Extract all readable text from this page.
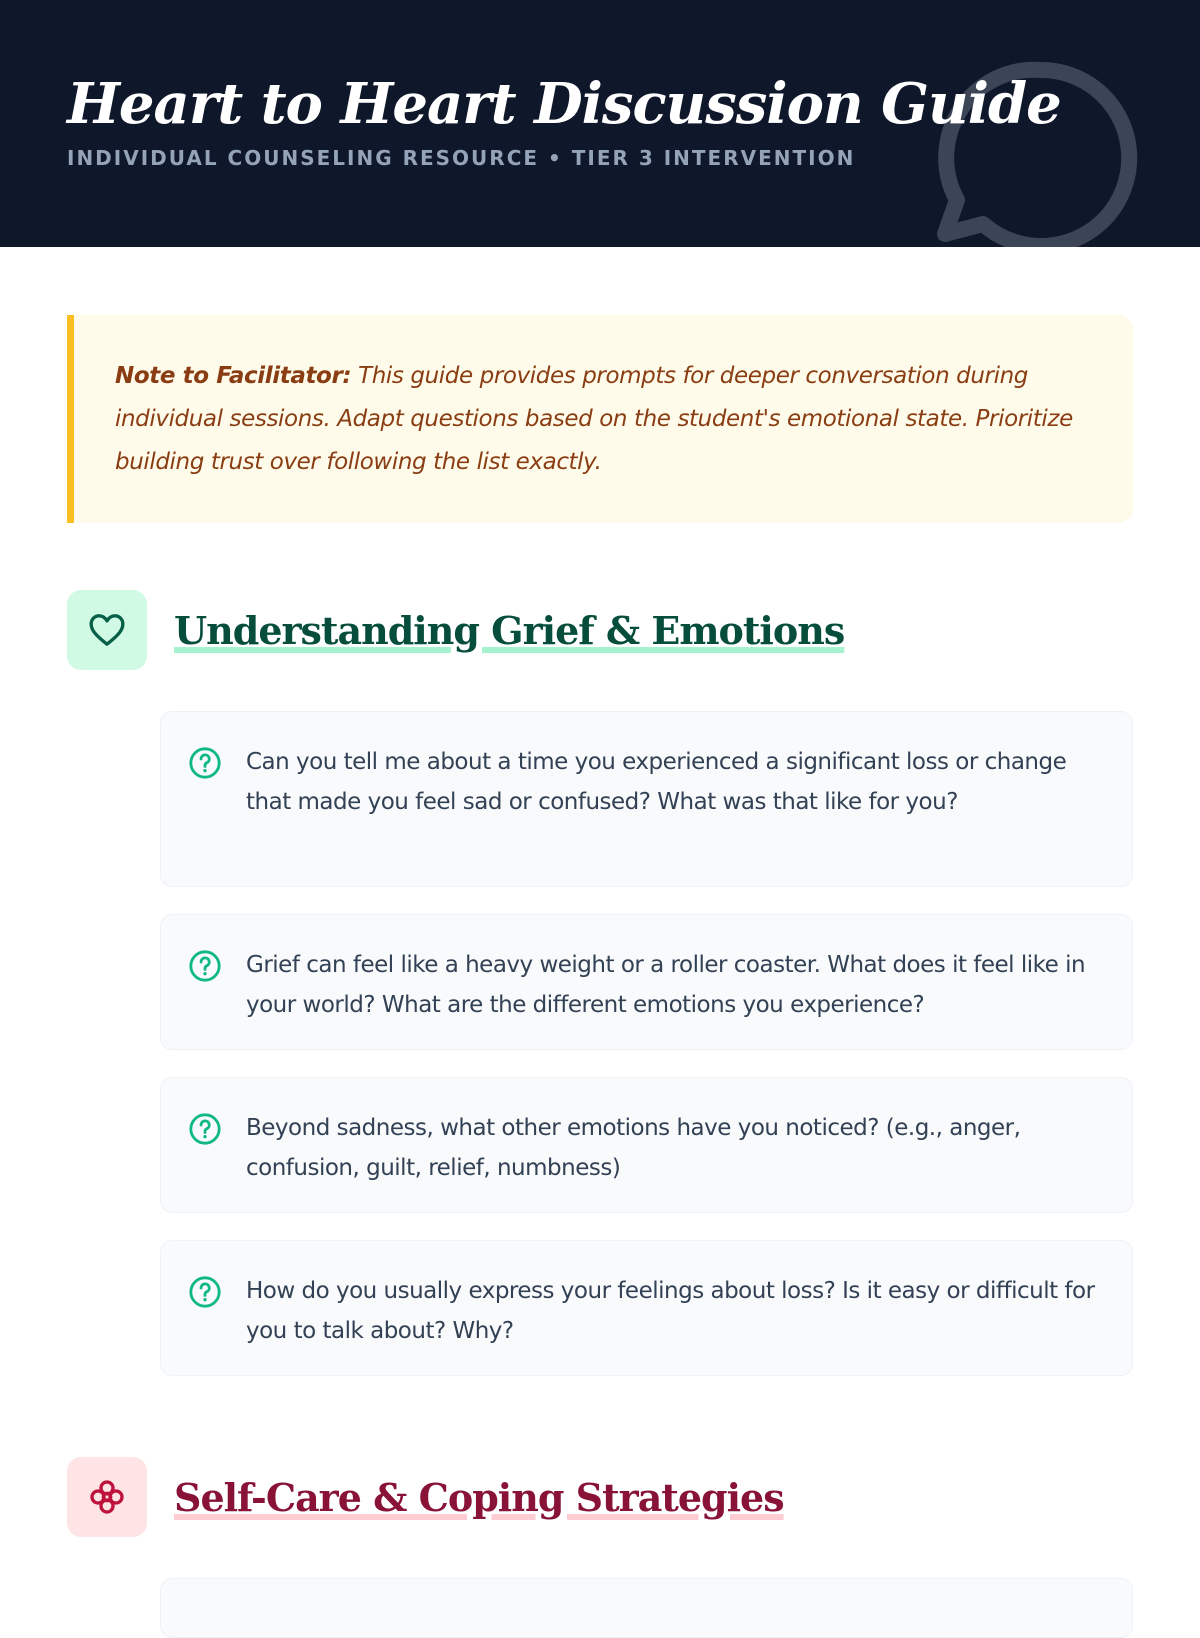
Heart to Heart Discussion Guide
INDIVIDUAL COUNSELING RESOURCE • TIER 3 INTERVENTION

Note to Facilitator: This guide provides prompts for deeper conversation during individual sessions. Adapt questions based on the student's emotional state. Prioritize building trust over following the list exactly.

Understanding Grief & Emotions

Can you tell me about a time you experienced a significant loss or change that made you feel sad or confused? What was that like for you?

Grief can feel like a heavy weight or a roller coaster. What does it feel like in your world? What are the different emotions you experience?

Beyond sadness, what other emotions have you noticed? (e.g., anger, confusion, guilt, relief, numbness)

How do you usually express your feelings about loss? Is it easy or difficult for you to talk about? Why?

Self-Care & Coping Strategies
